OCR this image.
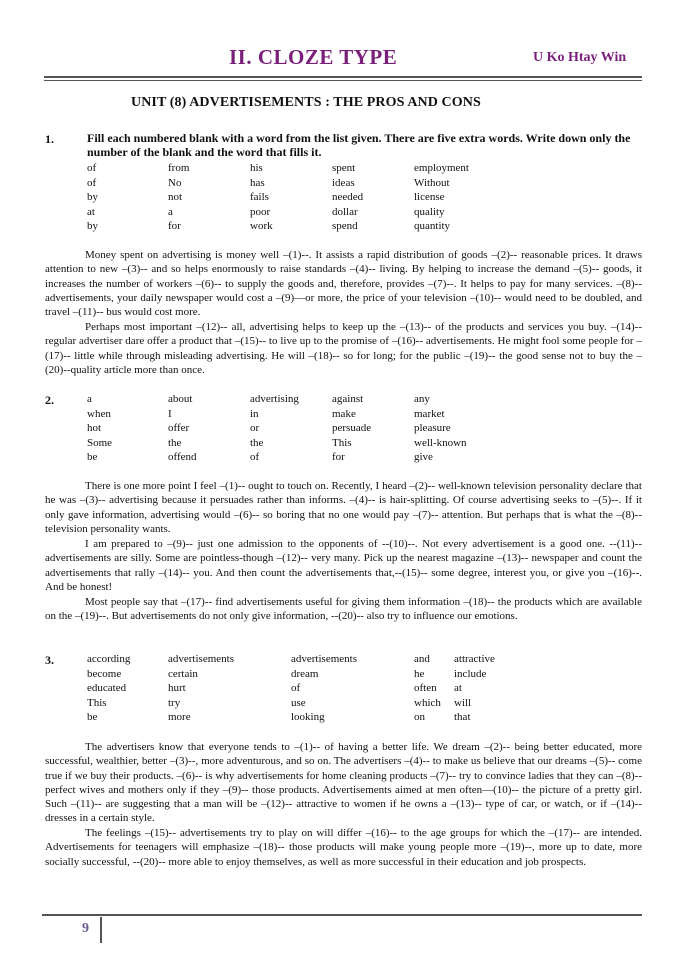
II. CLOZE TYPE	U Ko Htay Win
UNIT (8) ADVERTISEMENTS : THE PROS AND CONS
1.	Fill each numbered blank with a word from the list given. There are five extra words. Write down only the number of the blank and the word that fills it.
of	from	his	spent	employment
of	No	has	ideas	Without
by	not	fails	needed	license
at	a	poor	dollar	quality
by	for	work	spend	quantity

Money spent on advertising is money well –(1)--. It assists a rapid distribution of goods –(2)-- reasonable prices. It draws attention to new –(3)-- and so helps enormously to raise standards –(4)-- living. By helping to increase the demand –(5)-- goods, it increases the number of workers –(6)-- to supply the goods and, therefore, provides –(7)--. It helps to pay for many services. –(8)-- advertisements, your daily newspaper would cost a –(9)—or more, the price of your television –(10)-- would need to be doubled, and travel –(11)-- bus would cost more.

Perhaps most important –(12)-- all, advertising helps to keep up the –(13)-- of the products and services you buy. –(14)-- regular advertiser dare offer a product that –(15)-- to live up to the promise of –(16)-- advertisements. He might fool some people for –(17)-- little while through misleading advertising. He will –(18)-- so for long; for the public –(19)-- the good sense not to buy the –(20)--quality article more than once.

2.	a	about	advertising	against	any
when	I	in	make	market
hot	offer	or	persuade	pleasure
Some	the	the	This	well-known
be	offend	of	for	give

There is one more point I feel –(1)-- ought to touch on. Recently, I heard –(2)-- well-known television personality declare that he was –(3)-- advertising because it persuades rather than informs. –(4)-- is hair-splitting. Of course advertising seeks to –(5)--. If it only gave information, advertising would –(6)-- so boring that no one would pay –(7)-- attention. But perhaps that is what the –(8)--television personality wants.

I am prepared to –(9)-- just one admission to the opponents of --(10)--. Not every advertisement is a good one. --(11)-- advertisements are silly. Some are pointless-though –(12)-- very many. Pick up the nearest magazine –(13)-- newspaper and count the advertisements that rally –(14)-- you. And then count the advertisements that,--(15)-- some degree, interest you, or give you –(16)--. And be honest!

Most people say that –(17)-- find advertisements useful for giving them information –(18)-- the products which are available on the –(19)--. But advertisements do not only give information, --(20)-- also try to influence our emotions.

3.	according	advertisements	advertisements	and	attractive
become	certain	dream	he	include
educated	hurt	of	often	at
This	try	use	which	will
be	more	looking	on	that

The advertisers know that everyone tends to –(1)-- of having a better life. We dream –(2)-- being better educated, more successful, wealthier, better –(3)--, more adventurous, and so on. The advertisers –(4)-- to make us believe that our dreams –(5)-- come true if we buy their products. –(6)-- is why advertisements for home cleaning products –(7)-- try to convince ladies that they can –(8)-- perfect wives and mothers only if they –(9)-- those products. Advertisements aimed at men often—(10)-- the picture of a pretty girl. Such –(11)-- are suggesting that a man will be –(12)-- attractive to women if he owns a –(13)-- type of car, or watch, or if –(14)-- dresses in a certain style.

The feelings –(15)-- advertisements try to play on will differ –(16)-- to the age groups for which the –(17)-- are intended. Advertisements for teenagers will emphasize –(18)-- those products will make young people more –(19)--, more up to date, more socially successful, --(20)-- more able to enjoy themselves, as well as more successful in their education and job prospects.

9
